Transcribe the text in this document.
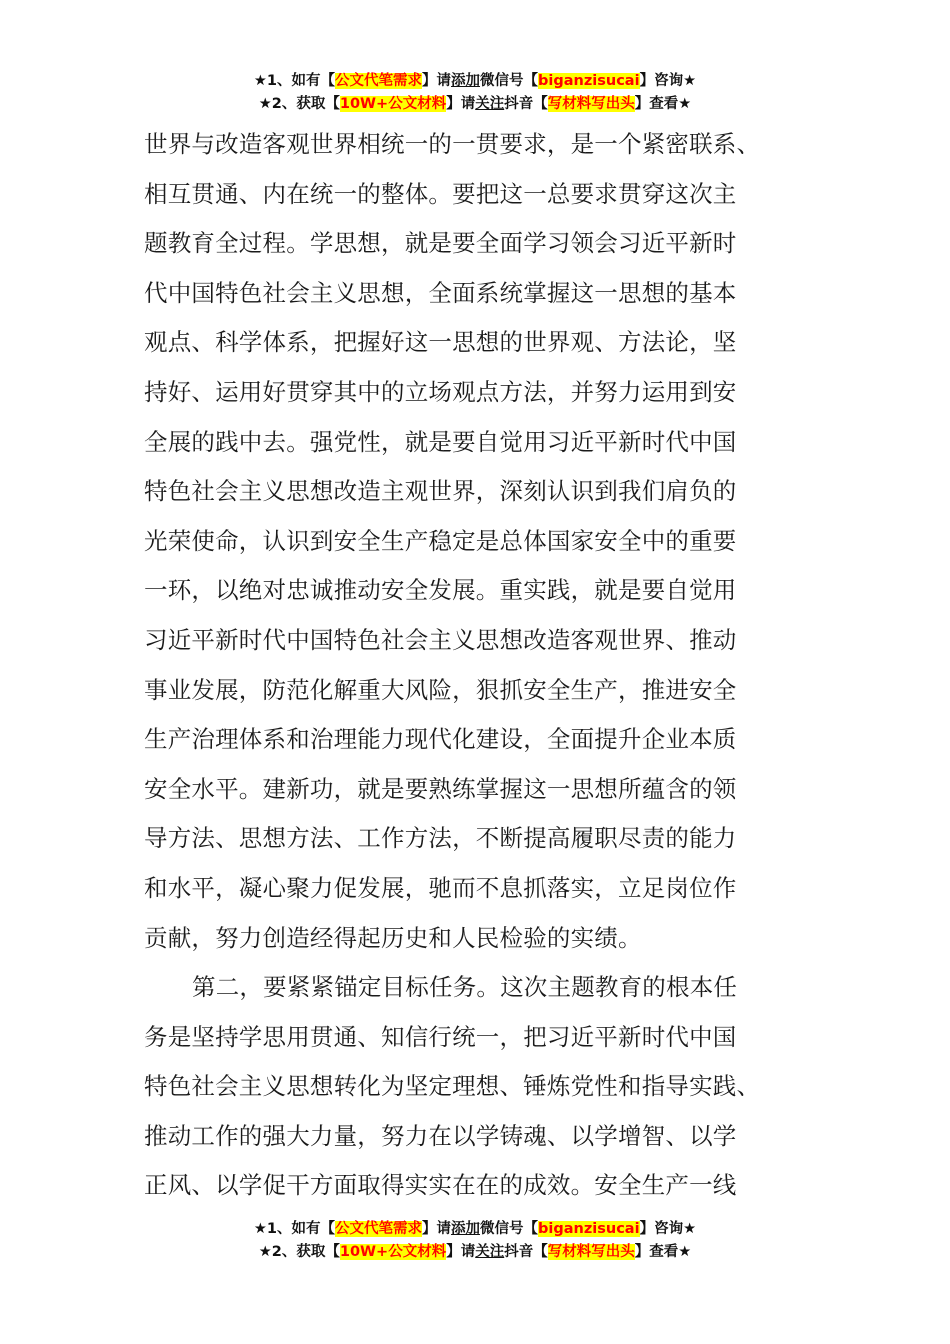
★1、如有【公文代笔需求】请添加微信号【biganzisucai】咨询★
★2、获取【10W+公文材料】请关注抖音【写材料写出头】查看★
世界与改造客观世界相统一的一贯要求，是一个紧密联系、
相互贯通、内在统一的整体。要把这一总要求贯穿这次主
题教育全过程。学思想，就是要全面学习领会习近平新时
代中国特色社会主义思想，全面系统掌握这一思想的基本
观点、科学体系，把握好这一思想的世界观、方法论，坚
持好、运用好贯穿其中的立场观点方法，并努力运用到安
全展的践中去。强党性，就是要自觉用习近平新时代中国
特色社会主义思想改造主观世界，深刻认识到我们肩负的
光荣使命，认识到安全生产稳定是总体国家安全中的重要
一环，以绝对忠诚推动安全发展。重实践，就是要自觉用
习近平新时代中国特色社会主义思想改造客观世界、推动
事业发展，防范化解重大风险，狠抓安全生产，推进安全
生产治理体系和治理能力现代化建设，全面提升企业本质
安全水平。建新功，就是要熟练掌握这一思想所蕴含的领
导方法、思想方法、工作方法，不断提高履职尽责的能力
和水平，凝心聚力促发展，驰而不息抓落实，立足岗位作
贡献，努力创造经得起历史和人民检验的实绩。
第二，要紧紧锚定目标任务。这次主题教育的根本任
务是坚持学思用贯通、知信行统一，把习近平新时代中国
特色社会主义思想转化为坚定理想、锤炼党性和指导实践、
推动工作的强大力量，努力在以学铸魂、以学增智、以学
正风、以学促干方面取得实实在在的成效。安全生产一线
★1、如有【公文代笔需求】请添加微信号【biganzisucai】咨询★
★2、获取【10W+公文材料】请关注抖音【写材料写出头】查看★
